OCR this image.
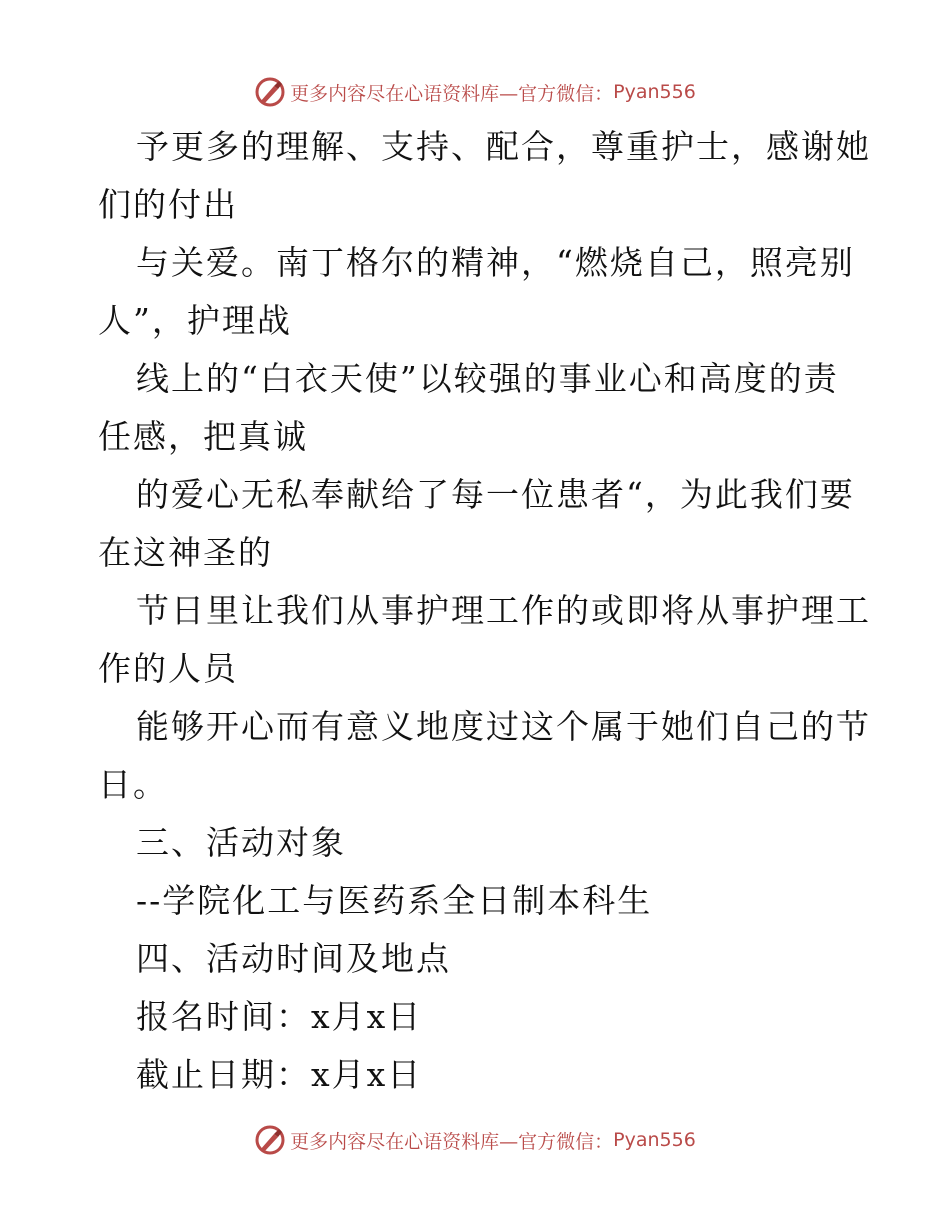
更多内容尽在心语资料库—官方微信： Pyan556
予更多的理解、支持、配合，尊重护士，感谢她
们的付出
与关爱。南丁格尔的精神，“燃烧自己，照亮别
人”，护理战
线上的“白衣天使”以较强的事业心和高度的责
任感，把真诚
的爱心无私奉献给了每一位患者“，为此我们要
在这神圣的
节日里让我们从事护理工作的或即将从事护理工
作的人员
能够开心而有意义地度过这个属于她们自己的节
日。
三、活动对象
--学院化工与医药系全日制本科生
四、活动时间及地点
报名时间：x月x日
截止日期：x月x日
更多内容尽在心语资料库—官方微信： Pyan556
